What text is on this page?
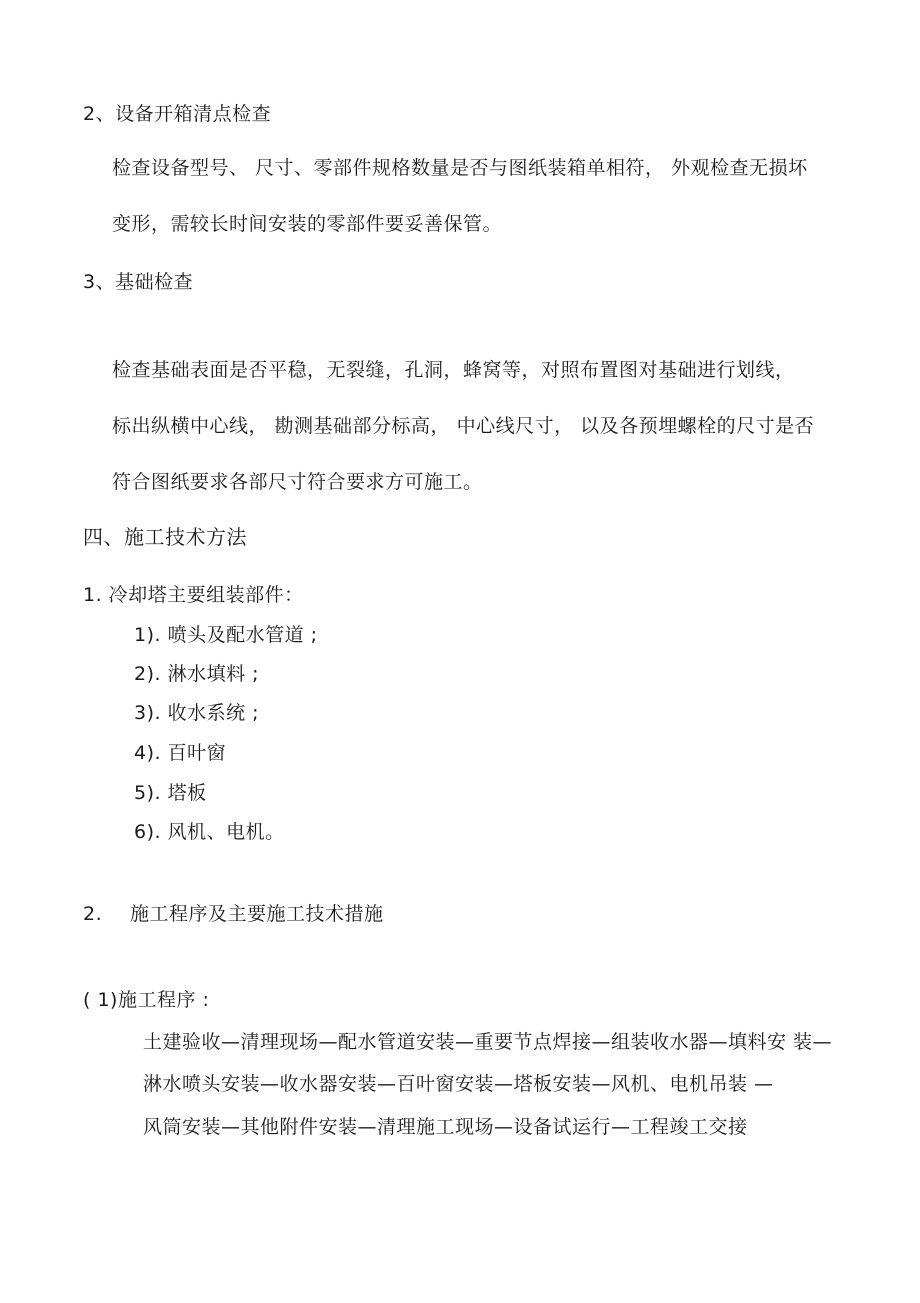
2、设备开箱清点检查
检查设备型号、 尺寸、零部件规格数量是否与图纸装箱单相符， 外观检查无损坏
变形，需较长时间安装的零部件要妥善保管。
3、基础检查
检查基础表面是否平稳，无裂缝，孔洞，蜂窝等，对照布置图对基础进行划线，
标出纵横中心线， 勘测基础部分标高， 中心线尺寸， 以及各预埋螺栓的尺寸是否
符合图纸要求各部尺寸符合要求方可施工。
四、施工技术方法
1. 冷却塔主要组装部件：
1). 喷头及配水管道 ;
2). 淋水填料 ;
3). 收水系统 ;
4). 百叶窗
5). 塔板
6). 风机、电机。
2. 施工程序及主要施工技术措施
( 1)施工程序 :
土建验收—清理现场—配水管道安装—重要节点焊接—组装收水器—填料安 装—
淋水喷头安装—收水器安装—百叶窗安装—塔板安装—风机、电机吊装 —
风筒安装—其他附件安装—清理施工现场—设备试运行—工程竣工交接
